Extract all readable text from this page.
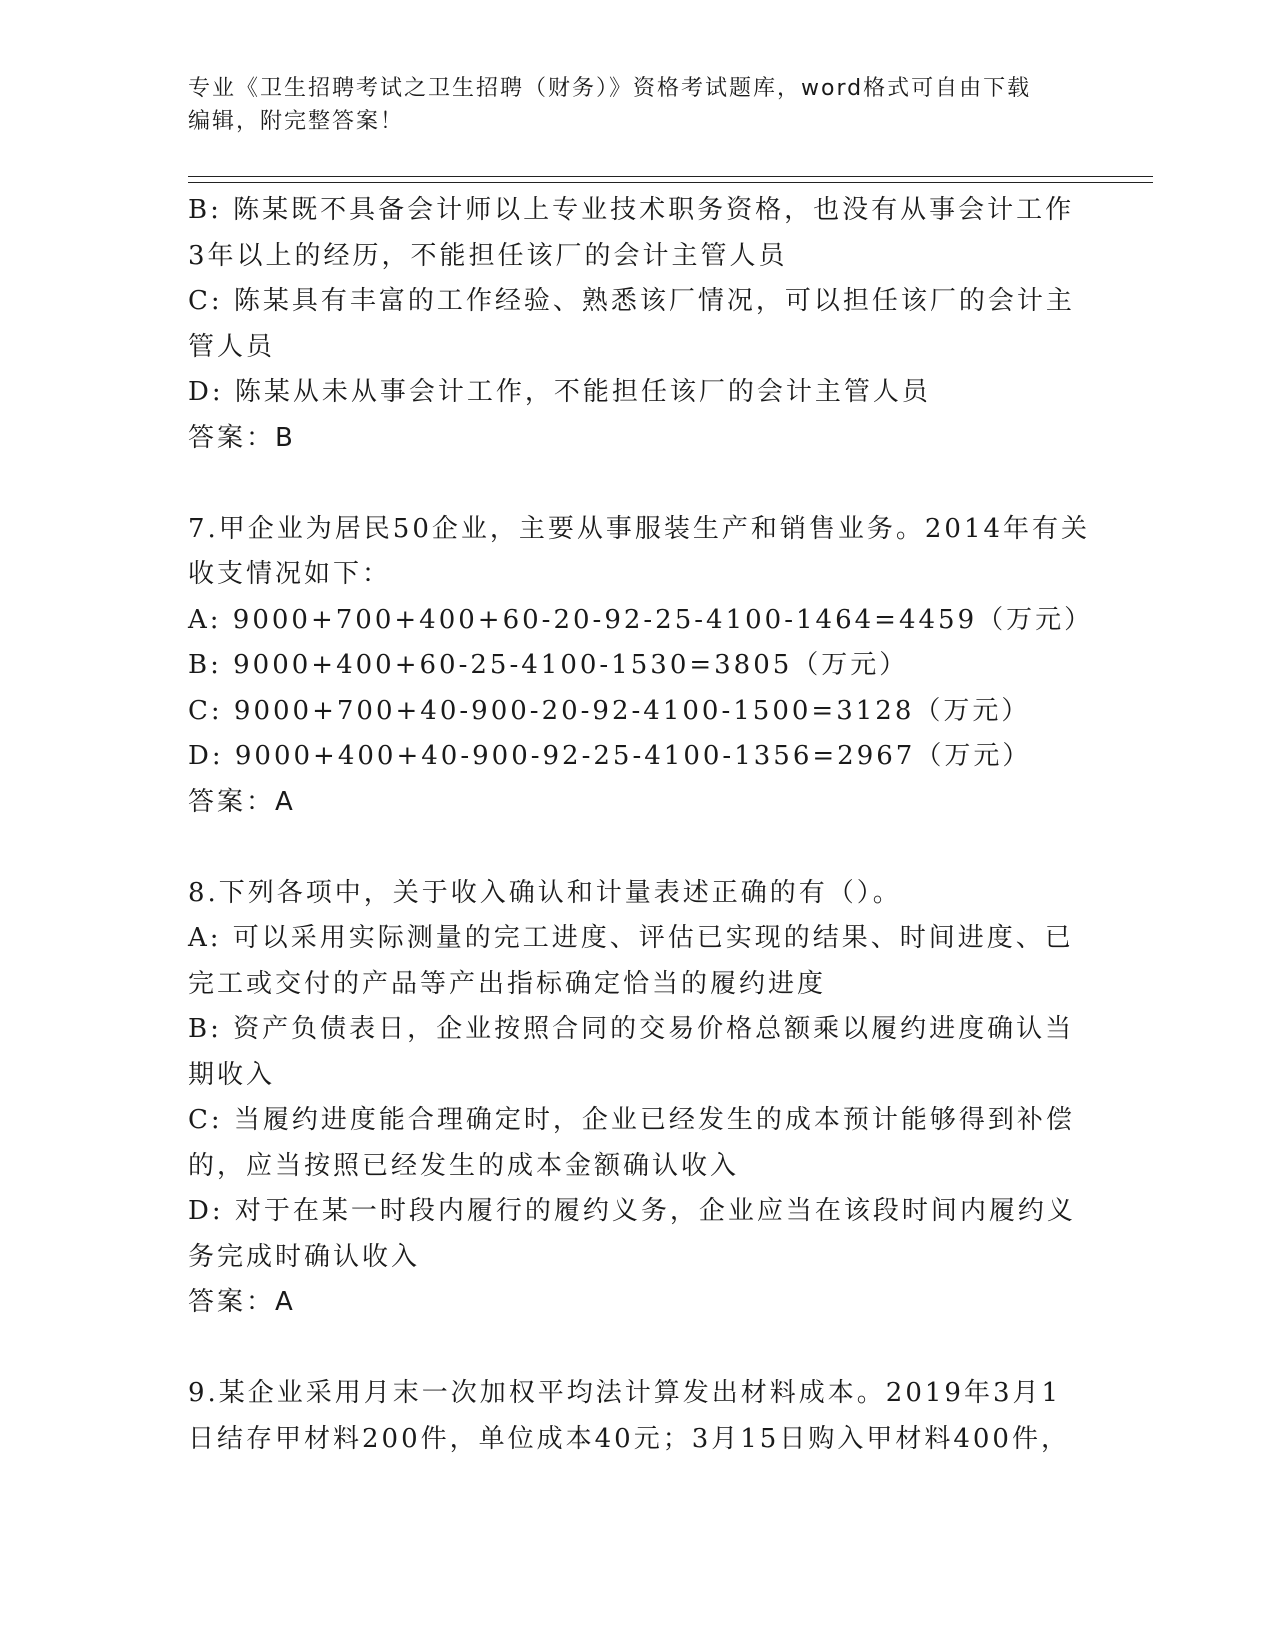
专业《卫生招聘考试之卫生招聘（财务）》资格考试题库，word格式可自由下载
编辑，附完整答案！
B: 陈某既不具备会计师以上专业技术职务资格，也没有从事会计工作
3年以上的经历，不能担任该厂的会计主管人员
C: 陈某具有丰富的工作经验、熟悉该厂情况，可以担任该厂的会计主
管人员
D: 陈某从未从事会计工作，不能担任该厂的会计主管人员
答案：B
7.甲企业为居民50企业，主要从事服装生产和销售业务。2014年有关
收支情况如下：
A: 9000+700+400+60-20-92-25-4100-1464=4459（万元）
B: 9000+400+60-25-4100-1530=3805（万元）
C: 9000+700+40-900-20-92-4100-1500=3128（万元）
D: 9000+400+40-900-92-25-4100-1356=2967（万元）
答案：A
8.下列各项中，关于收入确认和计量表述正确的有（）。
A: 可以采用实际测量的完工进度、评估已实现的结果、时间进度、已
完工或交付的产品等产出指标确定恰当的履约进度
B: 资产负债表日，企业按照合同的交易价格总额乘以履约进度确认当
期收入
C: 当履约进度能合理确定时，企业已经发生的成本预计能够得到补偿
的，应当按照已经发生的成本金额确认收入
D: 对于在某一时段内履行的履约义务，企业应当在该段时间内履约义
务完成时确认收入
答案：A
9.某企业采用月末一次加权平均法计算发出材料成本。2019年3月1
日结存甲材料200件，单位成本40元；3月15日购入甲材料400件，
